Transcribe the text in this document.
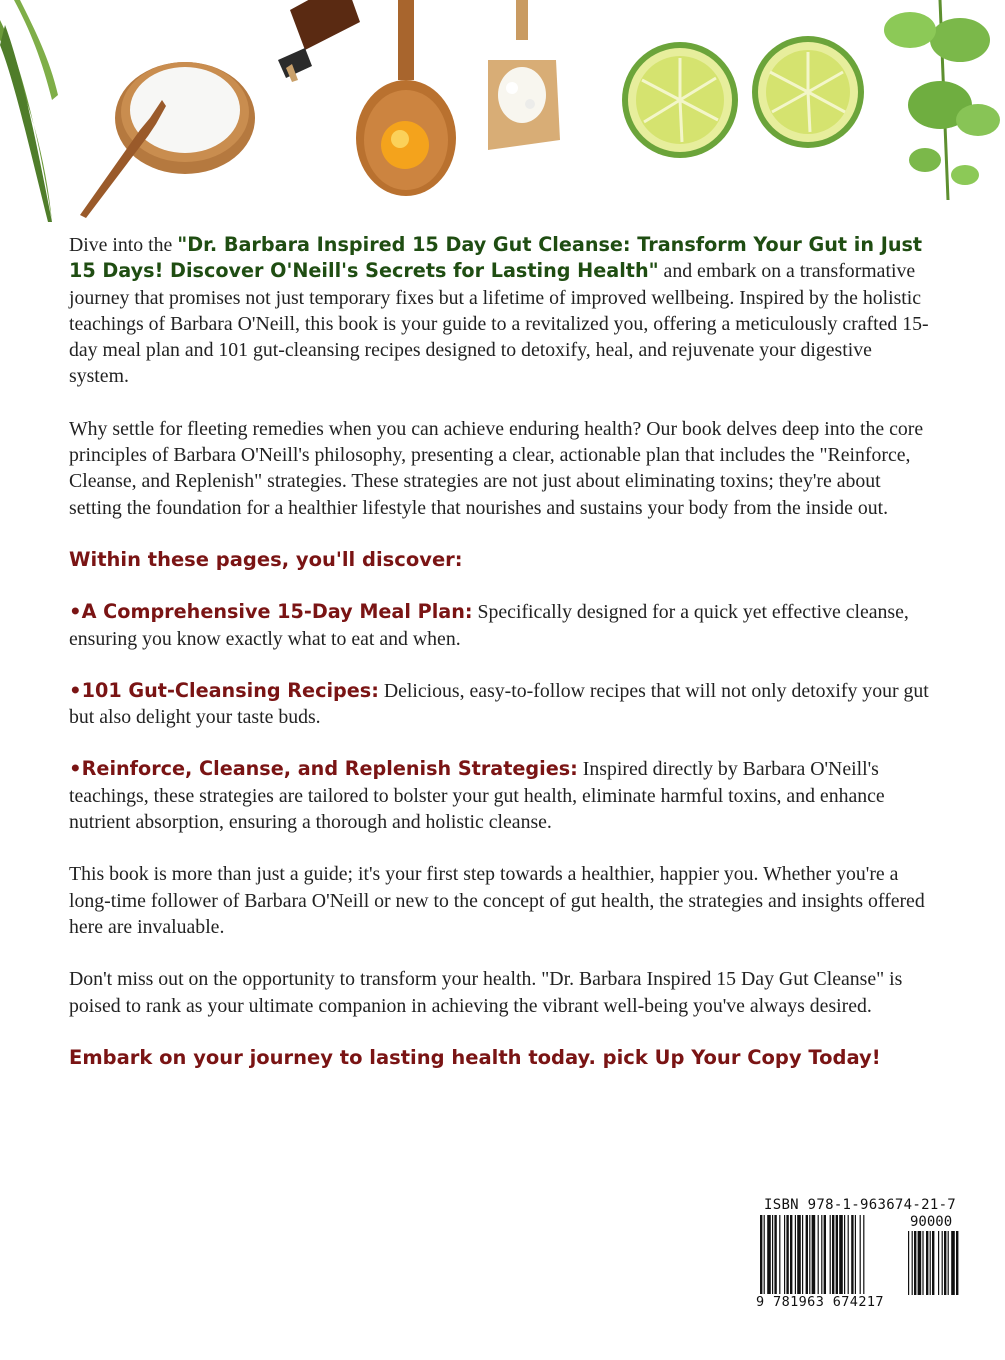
Dive into the "Dr. Barbara Inspired 15 Day Gut Cleanse: Transform Your Gut in Just 15 Days! Discover O'Neill's Secrets for Lasting Health" and embark on a transformative journey that promises not just temporary fixes but a lifetime of improved wellbeing. Inspired by the holistic teachings of Barbara O'Neill, this book is your guide to a revitalized you, offering a meticulously crafted 15-day meal plan and 101 gut-cleansing recipes designed to detoxify, heal, and rejuvenate your digestive system.

Why settle for fleeting remedies when you can achieve enduring health? Our book delves deep into the core principles of Barbara O'Neill's philosophy, presenting a clear, actionable plan that includes the "Reinforce, Cleanse, and Replenish" strategies. These strategies are not just about eliminating toxins; they're about setting the foundation for a healthier lifestyle that nourishes and sustains your body from the inside out.

Within these pages, you'll discover:

•A Comprehensive 15-Day Meal Plan: Specifically designed for a quick yet effective cleanse, ensuring you know exactly what to eat and when.

•101 Gut-Cleansing Recipes: Delicious, easy-to-follow recipes that will not only detoxify your gut but also delight your taste buds.

•Reinforce, Cleanse, and Replenish Strategies: Inspired directly by Barbara O'Neill's teachings, these strategies are tailored to bolster your gut health, eliminate harmful toxins, and enhance nutrient absorption, ensuring a thorough and holistic cleanse.

This book is more than just a guide; it's your first step towards a healthier, happier you. Whether you're a long-time follower of Barbara O'Neill or new to the concept of gut health, the strategies and insights offered here are invaluable.

Don't miss out on the opportunity to transform your health. "Dr. Barbara Inspired 15 Day Gut Cleanse" is poised to rank as your ultimate companion in achieving the vibrant well-being you've always desired.

Embark on your journey to lasting health today. pick Up Your Copy Today!
ISBN 978-1-963674-21-7
90000
9 781963 674217
